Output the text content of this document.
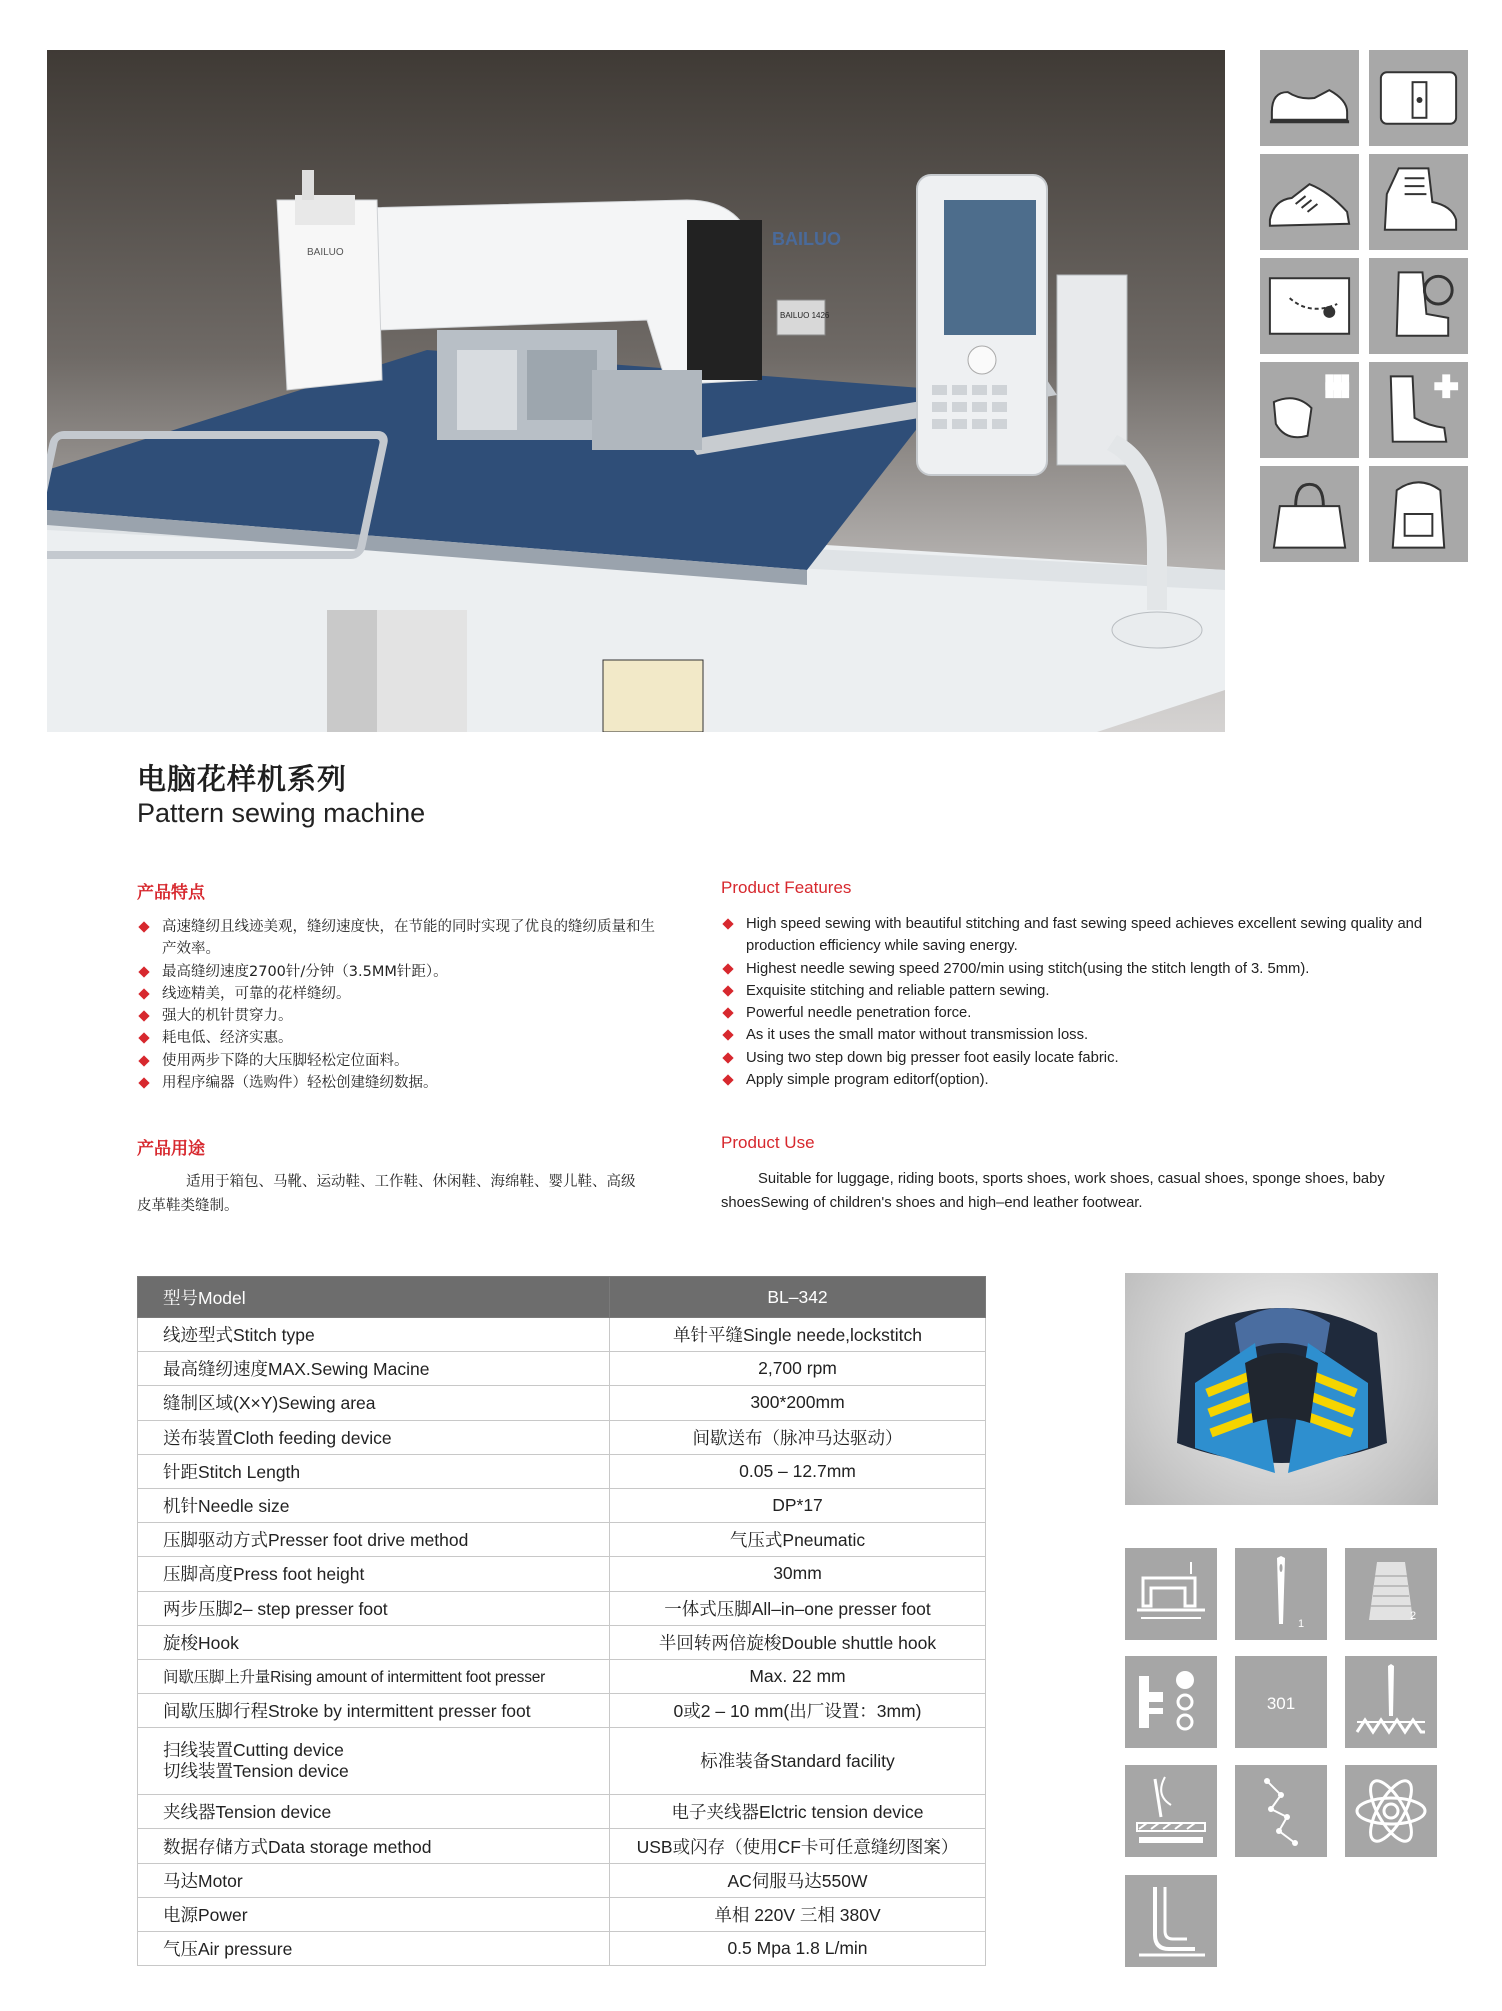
BAILUO
BAILUO
BAILUO 1426
电脑花样机系列
Pattern sewing machine
产品特点
高速缝纫且线迹美观，缝纫速度快，在节能的同时实现了优良的缝纫质量和生产效率。
最高缝纫速度2700针/分钟（3.5MM针距）。
线迹精美，可靠的花样缝纫。
强大的机针贯穿力。
耗电低、经济实惠。
使用两步下降的大压脚轻松定位面料。
用程序编器（选购件）轻松创建缝纫数据。
Product Features
High speed sewing with beautiful stitching and fast sewing speed achieves excellent sewing quality and production efficiency while saving energy.
Highest needle sewing speed 2700/min using stitch(using the stitch length of 3. 5mm).
Exquisite stitching and reliable pattern sewing.
Powerful needle penetration force.
As it uses the small mator without transmission loss.
Using two step down big presser foot easily locate fabric.
Apply simple program editorf(option).
产品用途
适用于箱包、马靴、运动鞋、工作鞋、休闲鞋、海绵鞋、婴儿鞋、高级皮革鞋类缝制。
Product Use
Suitable for luggage, riding boots, sports shoes, work shoes, casual shoes, sponge shoes, baby shoesSewing of children's shoes and high–end leather footwear.
型号Model	BL–342
线迹型式Stitch type	单针平缝Single neede,lockstitch
最高缝纫速度MAX.Sewing Macine	2,700 rpm
缝制区域(X×Y)Sewing area	300*200mm
送布装置Cloth feeding device	间歇送布（脉冲马达驱动）
针距Stitch Length	0.05 – 12.7mm
机针Needle size	DP*17
压脚驱动方式Presser foot drive method	气压式Pneumatic
压脚高度Press foot height	30mm
两步压脚2– step presser foot	一体式压脚All–in–one presser foot
旋梭Hook	半回转两倍旋梭Double shuttle hook
间歇压脚上升量Rising amount of intermittent foot presser	Max. 22 mm
间歇压脚行程Stroke by intermittent presser foot	0或2 – 10 mm(出厂设置：3mm)

扫线装置Cutting device
切线装置Tension device	标准装备Standard facility
夹线器Tension device	电子夹线器Elctric tension device
数据存储方式Data storage method	USB或闪存（使用CF卡可任意缝纫图案）
马达Motor	AC伺服马达550W
电源Power	单相 220V 三相 380V
气压Air pressure	0.5 Mpa 1.8 L/min
1
2
301
